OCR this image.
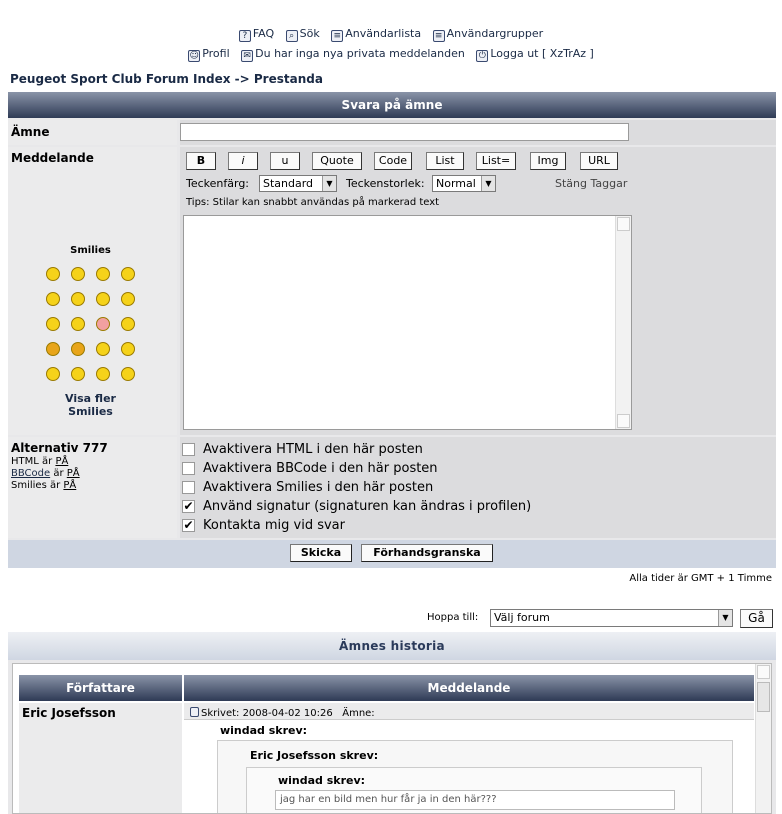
? FAQ ⌕ Sök ≡ Användarlista ≡ Användargrupper
☺ Profil ✉ Du har inga nya privata meddelanden ⏻ Logga ut [ XzTrAz ]
Peugeot Sport Club Forum Index -> Prestanda
Svara på ämne
Ämne
Meddelande
Smilies
Visa fler Smilies
B	i	u	Quote	Code	List	List=	Img	URL
Teckenfärg:	Standard	▼	Teckenstorlek:	Normal	▼	Stäng Taggar
Tips: Stilar kan snabbt användas på markerad text
Alternativ 777
HTML är PÅ
BBCode är PÅ
Smilies är PÅ
Avaktivera HTML i den här posten
Avaktivera BBCode i den här posten
Avaktivera Smilies i den här posten
✔ Använd signatur (signaturen kan ändras i profilen)
✔ Kontakta mig vid svar
Skicka	Förhandsgranska
Alla tider är GMT + 1 Timme
Hoppa till:	Välj forum	▼	Gå
Ämnes historia
Författare	Meddelande
Eric Josefsson	Skrivet: 2008-04-02 10:26 Ämne:
windad skrev:
Eric Josefsson skrev:
windad skrev:
jag har en bild men hur får ja in den här???
